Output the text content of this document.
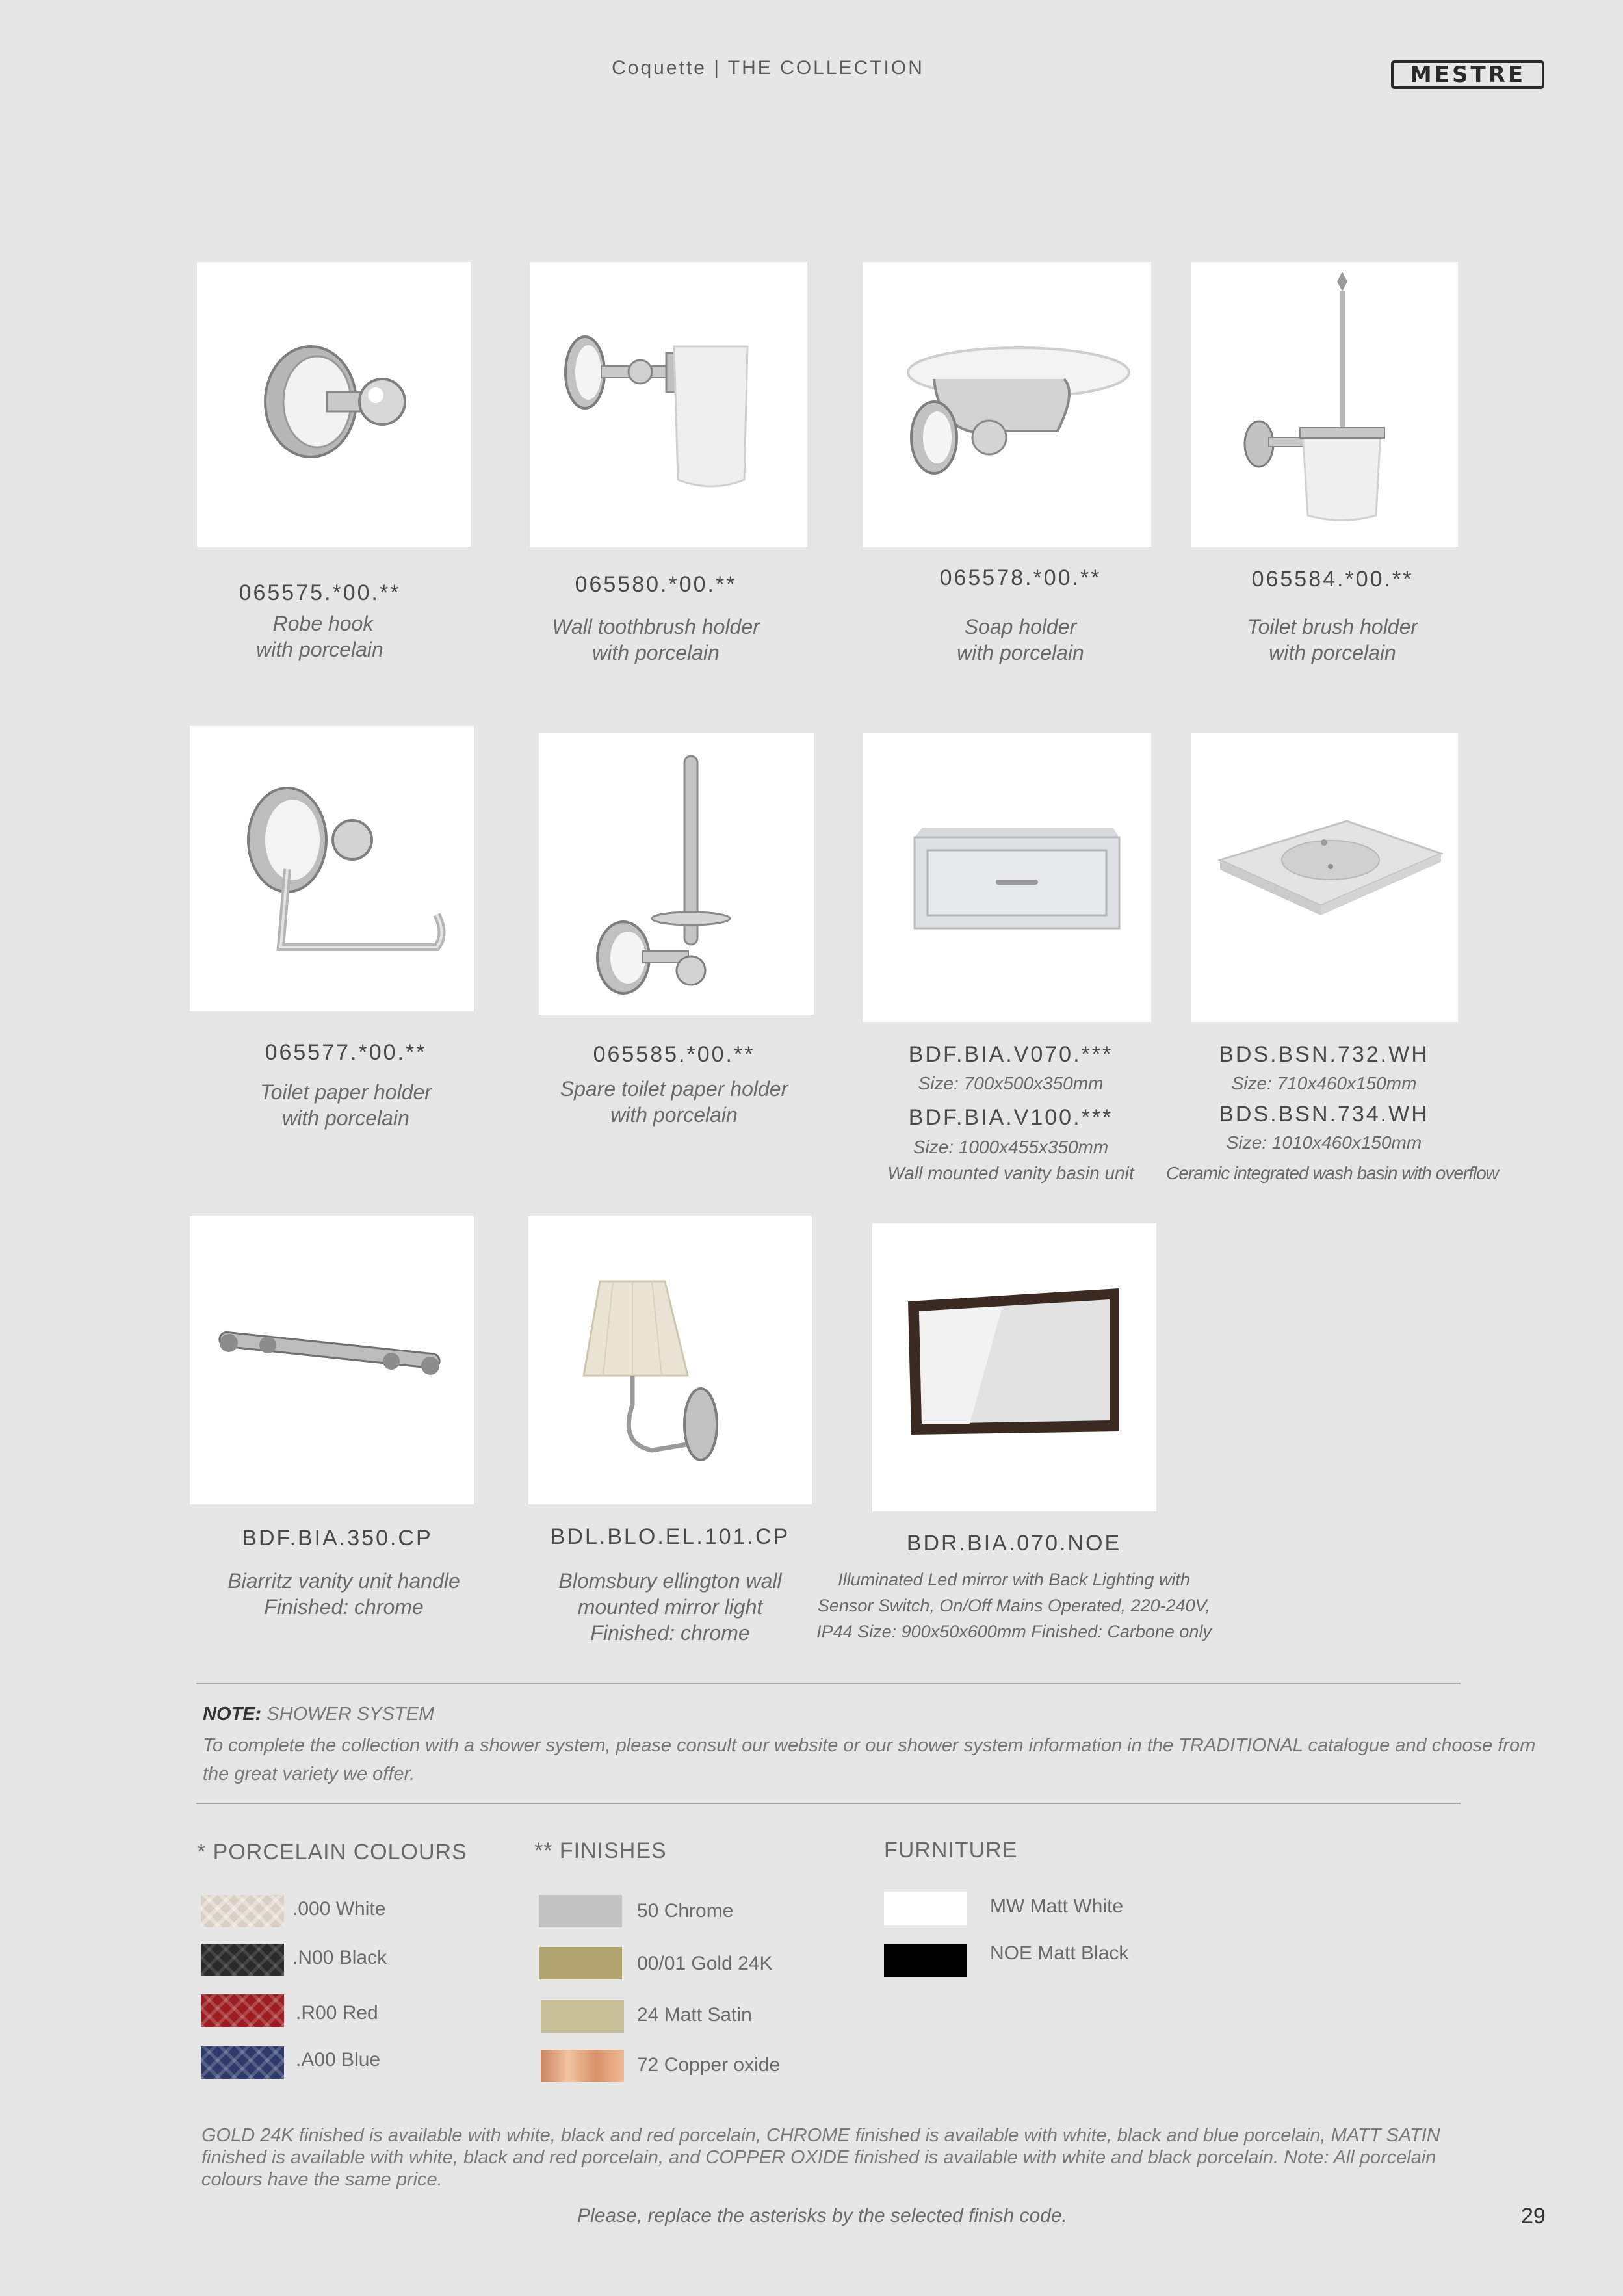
Coquette | THE COLLECTION	MESTRE
065575.*00.**
Robe hook
with porcelain
065580.*00.**
Wall toothbrush holder
with porcelain
065578.*00.**
Soap holder
with porcelain
065584.*00.**
Toilet brush holder
with porcelain
065577.*00.**
Toilet paper holder
with porcelain
065585.*00.**
Spare toilet paper holder
with porcelain
BDF.BIA.V070.***
Size: 700x500x350mm
BDF.BIA.V100.***
Size: 1000x455x350mm
Wall mounted vanity basin unit
BDS.BSN.732.WH
Size: 710x460x150mm
BDS.BSN.734.WH
Size: 1010x460x150mm
Ceramic integrated wash basin with overflow
BDF.BIA.350.CP
Biarritz vanity unit handle
Finished: chrome
BDL.BLO.EL.101.CP
Blomsbury ellington wall
mounted mirror light
Finished: chrome
BDR.BIA.070.NOE
Illuminated Led mirror with Back Lighting with
Sensor Switch, On/Off Mains Operated, 220-240V,
IP44 Size: 900x50x600mm Finished: Carbone only
NOTE: SHOWER SYSTEM
To complete the collection with a shower system, please consult our website or our shower system information in the TRADITIONAL catalogue and choose from
the great variety we offer.
* PORCELAIN COLOURS
.000 White
.N00 Black
.R00 Red
.A00 Blue
** FINISHES
50 Chrome
00/01 Gold 24K
24 Matt Satin
72 Copper oxide
FURNITURE
MW Matt White
NOE Matt Black
GOLD 24K finished is available with white, black and red porcelain, CHROME finished is available with white, black and blue porcelain, MATT SATIN finished is available with white, black and red porcelain, and COPPER OXIDE finished is available with white and black porcelain. Note: All porcelain colours have the same price.
Please, replace the asterisks by the selected finish code.	29
